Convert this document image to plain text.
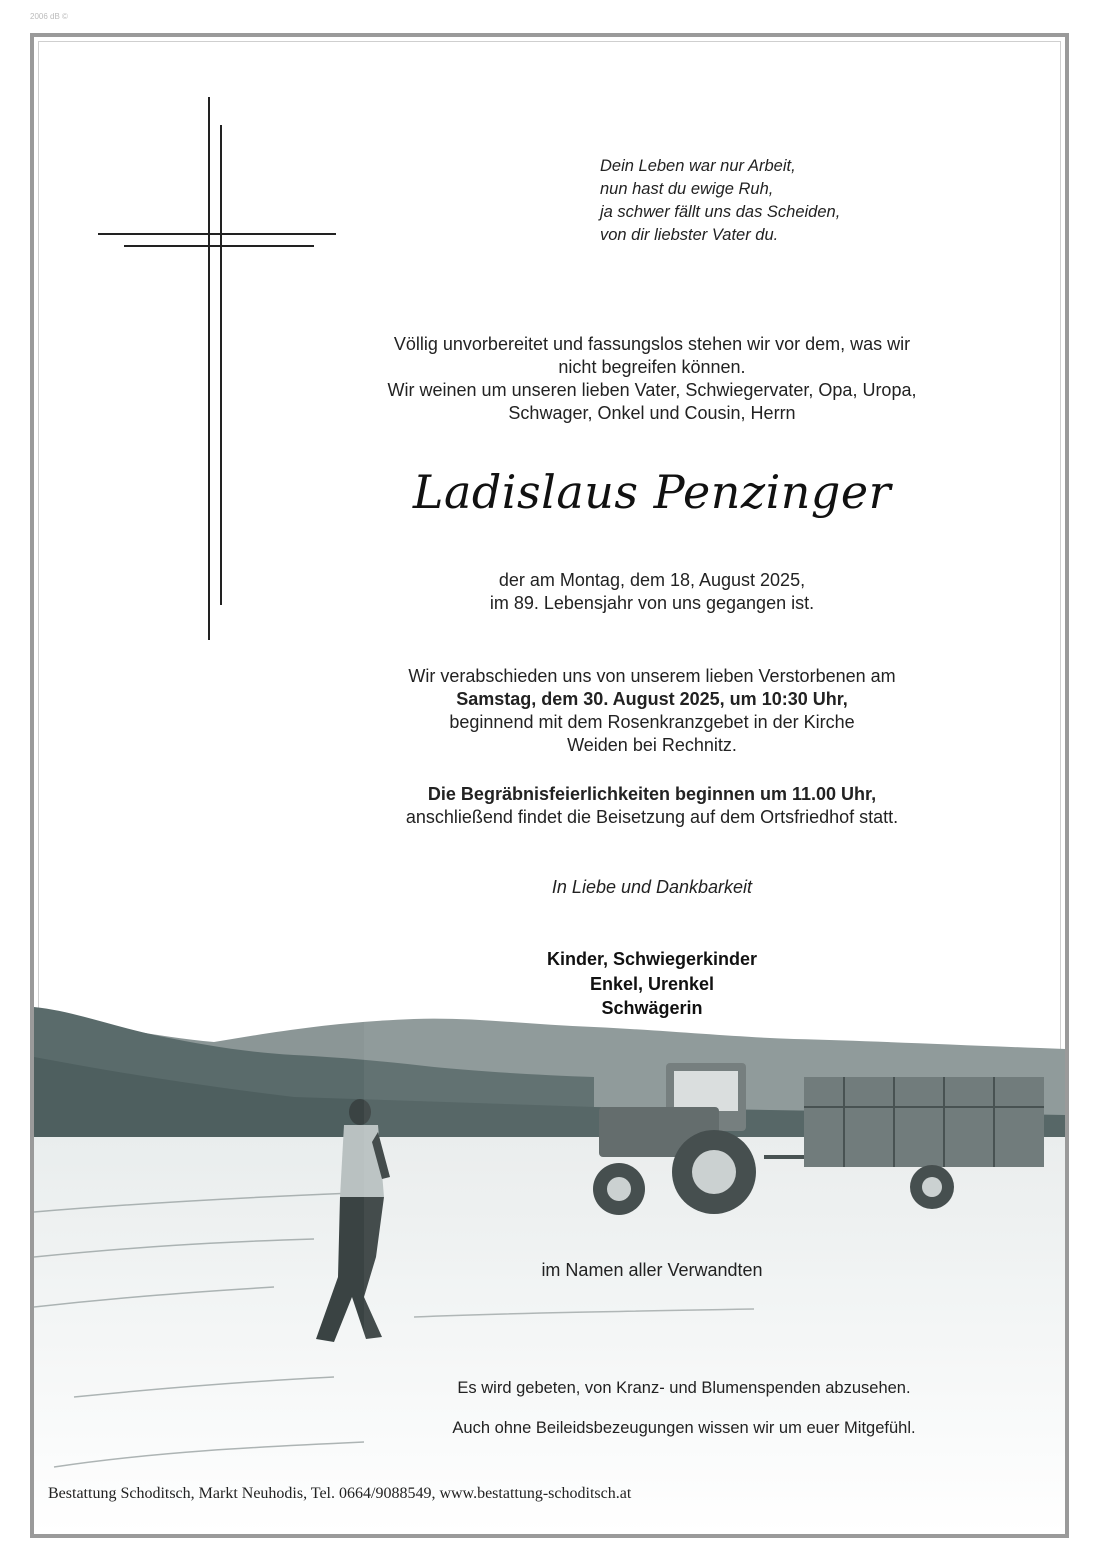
2006 dB ©
Dein Leben war nur Arbeit,
nun hast du ewige Ruh,
ja schwer fällt uns das Scheiden,
von dir liebster Vater du.
Völlig unvorbereitet und fassungslos stehen wir vor dem, was wir
nicht begreifen können.
Wir weinen um unseren lieben Vater, Schwiegervater, Opa, Uropa,
Schwager, Onkel und Cousin, Herrn
Ladislaus Penzinger
der am Montag, dem 18, August 2025,
im 89. Lebensjahr von uns gegangen ist.
Wir verabschieden uns von unserem lieben Verstorbenen am
Samstag, dem 30. August 2025, um 10:30 Uhr,
beginnend mit dem Rosenkranzgebet in der Kirche
Weiden bei Rechnitz.
Die Begräbnisfeierlichkeiten beginnen um 11.00 Uhr,
anschließend findet die Beisetzung auf dem Ortsfriedhof statt.
In Liebe und Dankbarkeit
Kinder, Schwiegerkinder
Enkel, Urenkel
Schwägerin
im Namen aller Verwandten
Es wird gebeten, von Kranz- und Blumenspenden abzusehen.
Auch ohne Beileidsbezeugungen wissen wir um euer Mitgefühl.
Bestattung Schoditsch, Markt Neuhodis, Tel. 0664/9088549, www.bestattung-schoditsch.at
